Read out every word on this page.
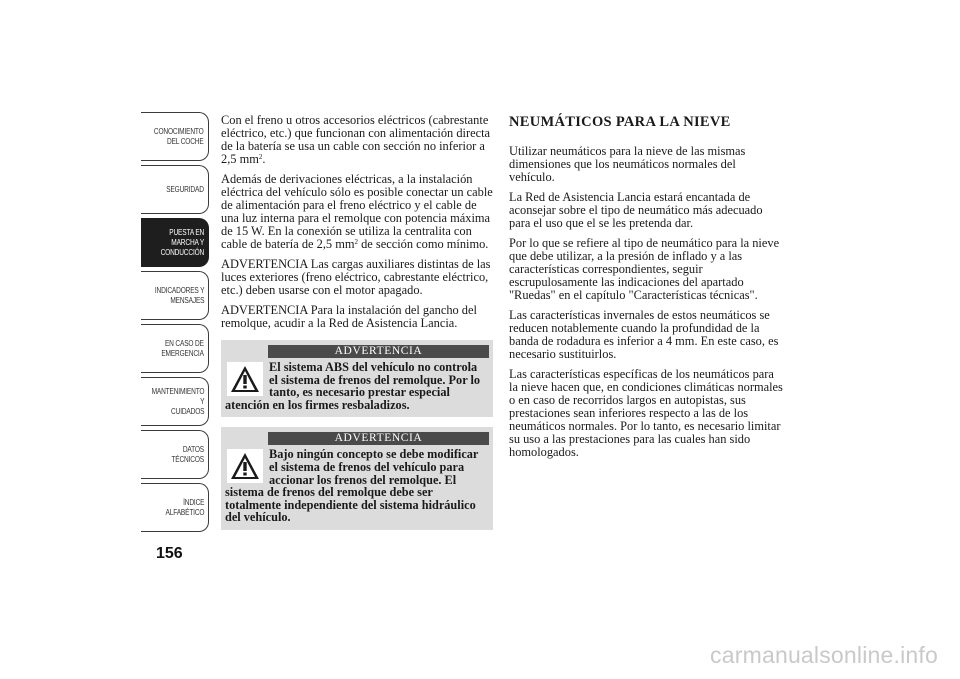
CONOCIMIENTO
DEL COCHE
SEGURIDAD
PUESTA EN
MARCHA Y
CONDUCCIÓN
INDICADORES Y
MENSAJES
EN CASO DE
EMERGENCIA
MANTENIMIENTO Y
CUIDADOS
DATOS TÉCNICOS
ÍNDICE
ALFABÉTICO
156

Con el freno u otros accesorios eléctricos (cabrestante eléctrico, etc.) que funcionan con alimentación directa de la batería se usa un cable con sección no inferior a 2,5 $mm^2$.

Además de derivaciones eléctricas, a la instalación eléctrica del vehículo sólo es posible conectar un cable de alimentación para el freno eléctrico y el cable de una luz interna para el remolque con potencia máxima de 15 W. En la conexión se utiliza la centralita con cable de batería de 2,5 $mm^2$ de sección como mínimo.

ADVERTENCIA Las cargas auxiliares distintas de las luces exteriores (freno eléctrico, cabrestante eléctrico, etc.) deben usarse con el motor apagado.

ADVERTENCIA Para la instalación del gancho del remolque, acudir a la Red de Asistencia Lancia.

ADVERTENCIA
El sistema ABS del vehículo no controla el sistema de frenos del remolque. Por lo tanto, es necesario prestar especial atención en los firmes resbaladizos.
ADVERTENCIA
Bajo ningún concepto se debe modificar el sistema de frenos del vehículo para accionar los frenos del remolque. El sistema de frenos del remolque debe ser totalmente independiente del sistema hidráulico del vehículo.
NEUMÁTICOS PARA LA NIEVE

Utilizar neumáticos para la nieve de las mismas dimensiones que los neumáticos normales del vehículo.

La Red de Asistencia Lancia estará encantada de aconsejar sobre el tipo de neumático más adecuado para el uso que el se les pretenda dar.

Por lo que se refiere al tipo de neumático para la nieve que debe utilizar, a la presión de inflado y a las características correspondientes, seguir escrupulosamente las indicaciones del apartado "Ruedas" en el capítulo "Características técnicas".

Las características invernales de estos neumáticos se reducen notablemente cuando la profundidad de la banda de rodadura es inferior a 4 mm. En este caso, es necesario sustituirlos.

Las características específicas de los neumáticos para la nieve hacen que, en condiciones climáticas normales o en caso de recorridos largos en autopistas, sus prestaciones sean inferiores respecto a las de los neumáticos normales. Por lo tanto, es necesario limitar su uso a las prestaciones para las cuales han sido homologados.

carmanualsonline.info
